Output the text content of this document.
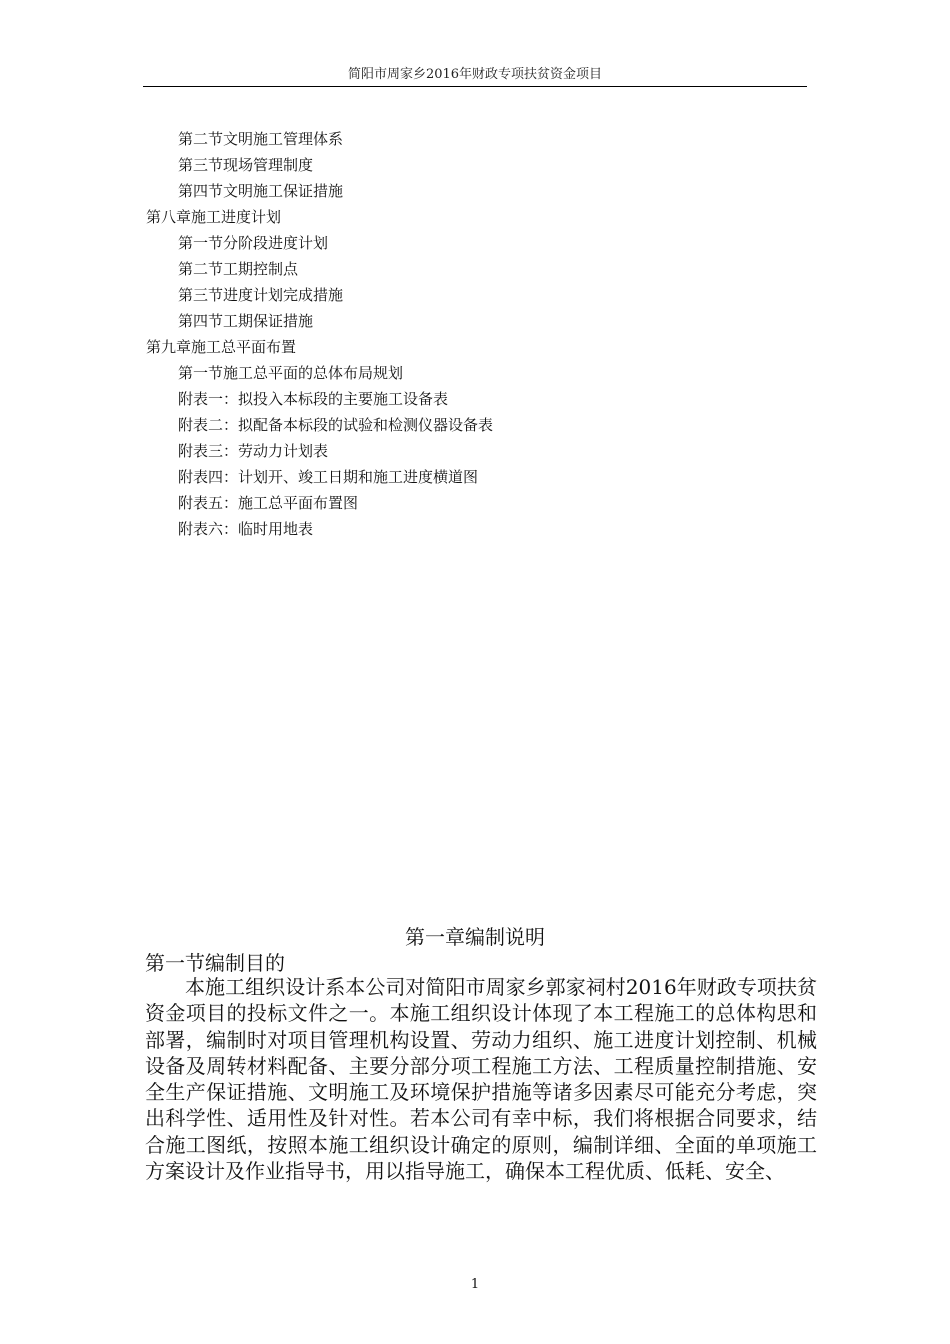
简阳市周家乡2016年财政专项扶贫资金项目
第二节文明施工管理体系
第三节现场管理制度
第四节文明施工保证措施
第八章施工进度计划
第一节分阶段进度计划
第二节工期控制点
第三节进度计划完成措施
第四节工期保证措施
第九章施工总平面布置
第一节施工总平面的总体布局规划
附表一：拟投入本标段的主要施工设备表
附表二：拟配备本标段的试验和检测仪器设备表
附表三：劳动力计划表
附表四：计划开、竣工日期和施工进度横道图
附表五：施工总平面布置图
附表六：临时用地表
第一章编制说明
第一节编制目的

本施工组织设计系本公司对简阳市周家乡郭家祠村2016年财政专项扶贫资金项目的投标文件之一。本施工组织设计体现了本工程施工的总体构思和部署，编制时对项目管理机构设置、劳动力组织、施工进度计划控制、机械设备及周转材料配备、主要分部分项工程施工方法、工程质量控制措施、安全生产保证措施、文明施工及环境保护措施等诸多因素尽可能充分考虑，突出科学性、适用性及针对性。若本公司有幸中标，我们将根据合同要求，结合施工图纸，按照本施工组织设计确定的原则，编制详细、全面的单项施工方案设计及作业指导书，用以指导施工，确保本工程优质、低耗、安全、

1
